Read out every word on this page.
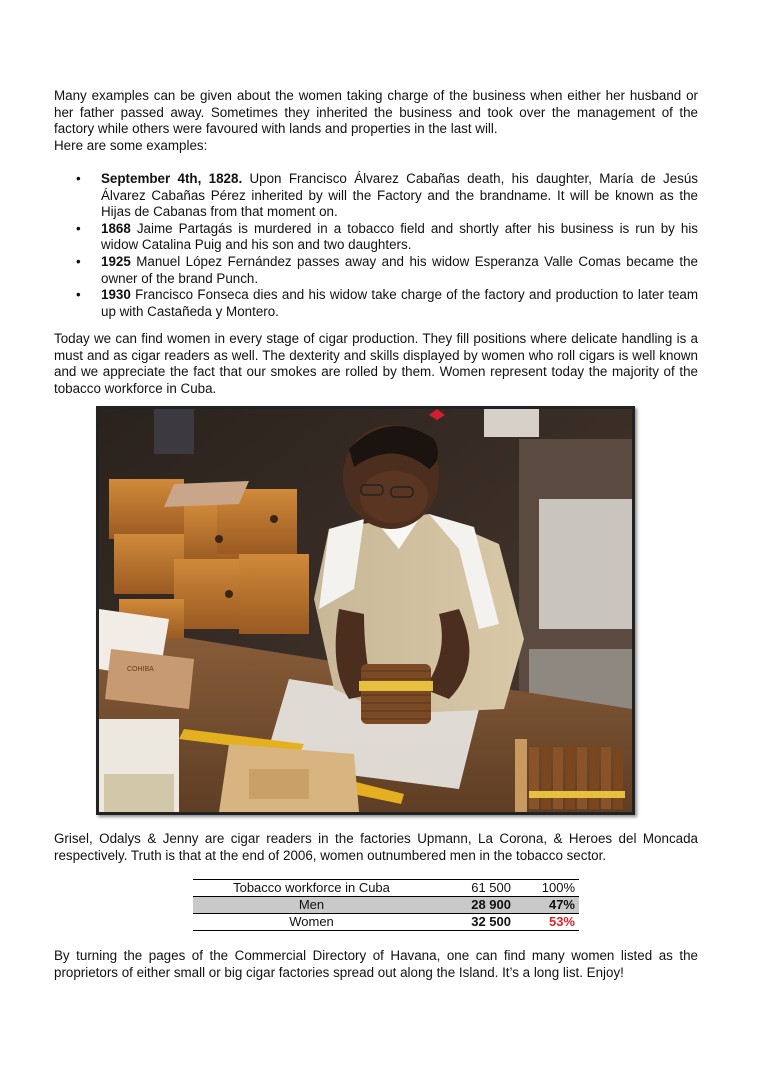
Many examples can be given about the women taking charge of the business when either her husband or her father passed away. Sometimes they inherited the business and took over the management of the factory while others were favoured with lands and properties in the last will.

Here are some examples:

• September 4th, 1828. Upon Francisco Álvarez Cabañas death, his daughter, María de Jesús Álvarez Cabañas Pérez inherited by will the Factory and the brandname. It will be known as the Hijas de Cabanas from that moment on.
• 1868 Jaime Partagás is murdered in a tobacco field and shortly after his business is run by his widow Catalina Puig and his son and two daughters.
• 1925 Manuel López Fernández passes away and his widow Esperanza Valle Comas became the owner of the brand Punch.
• 1930 Francisco Fonseca dies and his widow take charge of the factory and production to later team up with Castañeda y Montero.

Today we can find women in every stage of cigar production. They fill positions where delicate handling is a must and as cigar readers as well. The dexterity and skills displayed by women who roll cigars is well known and we appreciate the fact that our smokes are rolled by them. Women represent today the majority of the tobacco workforce in Cuba.

COHIBA

Grisel, Odalys & Jenny are cigar readers in the factories Upmann, La Corona, & Heroes del Moncada respectively. Truth is that at the end of 2006, women outnumbered men in the tobacco sector.

Tobacco workforce in Cuba	61 500	100%
Men	28 900	47%
Women	32 500	53%

By turning the pages of the Commercial Directory of Havana, one can find many women listed as the proprietors of either small or big cigar factories spread out along the Island. It’s a long list. Enjoy!
